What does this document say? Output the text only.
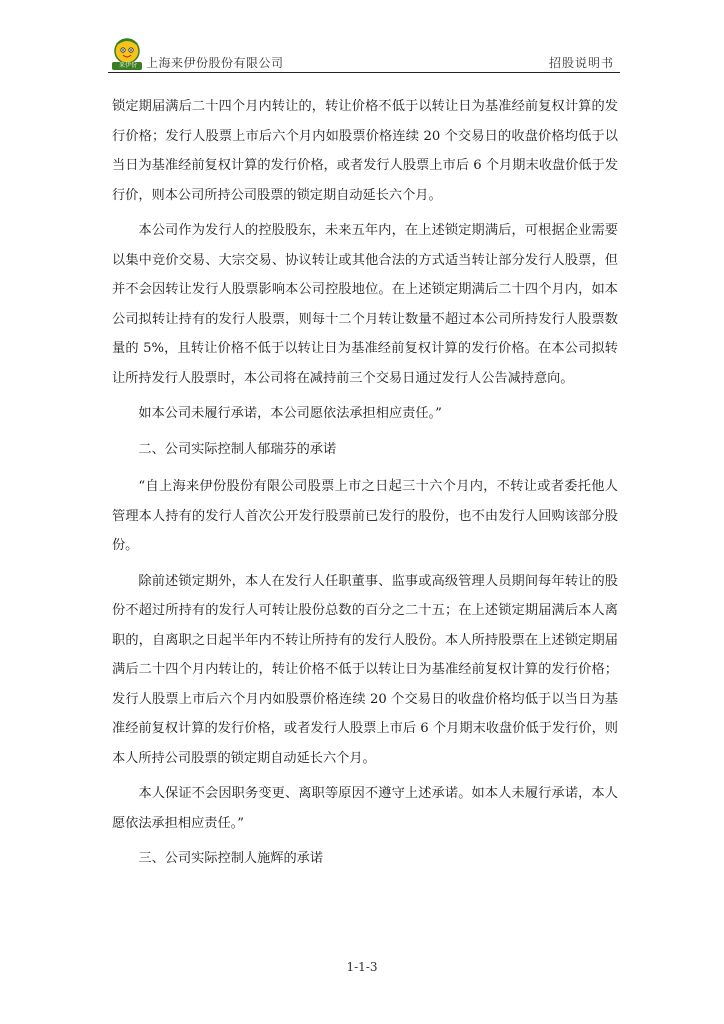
来伊份 上海来伊份股份有限公司	招股说明书

锁定期届满后二十四个月内转让的，转让价格不低于以转让日为基准经前复权计算的发行价格；发行人股票上市后六个月内如股票价格连续 20 个交易日的收盘价格均低于以当日为基准经前复权计算的发行价格，或者发行人股票上市后 6 个月期末收盘价低于发行价，则本公司所持公司股票的锁定期自动延长六个月。

本公司作为发行人的控股股东，未来五年内，在上述锁定期满后，可根据企业需要以集中竞价交易、大宗交易、协议转让或其他合法的方式适当转让部分发行人股票，但并不会因转让发行人股票影响本公司控股地位。在上述锁定期满后二十四个月内，如本公司拟转让持有的发行人股票，则每十二个月转让数量不超过本公司所持发行人股票数量的 5%，且转让价格不低于以转让日为基准经前复权计算的发行价格。在本公司拟转让所持发行人股票时，本公司将在减持前三个交易日通过发行人公告减持意向。

如本公司未履行承诺，本公司愿依法承担相应责任。”

二、公司实际控制人郁瑞芬的承诺

“自上海来伊份股份有限公司股票上市之日起三十六个月内，不转让或者委托他人管理本人持有的发行人首次公开发行股票前已发行的股份，也不由发行人回购该部分股份。

除前述锁定期外，本人在发行人任职董事、监事或高级管理人员期间每年转让的股份不超过所持有的发行人可转让股份总数的百分之二十五；在上述锁定期届满后本人离职的，自离职之日起半年内不转让所持有的发行人股份。本人所持股票在上述锁定期届满后二十四个月内转让的，转让价格不低于以转让日为基准经前复权计算的发行价格；发行人股票上市后六个月内如股票价格连续 20 个交易日的收盘价格均低于以当日为基准经前复权计算的发行价格，或者发行人股票上市后 6 个月期末收盘价低于发行价，则本人所持公司股票的锁定期自动延长六个月。

本人保证不会因职务变更、离职等原因不遵守上述承诺。如本人未履行承诺，本人愿依法承担相应责任。”

三、公司实际控制人施辉的承诺

1-1-3
